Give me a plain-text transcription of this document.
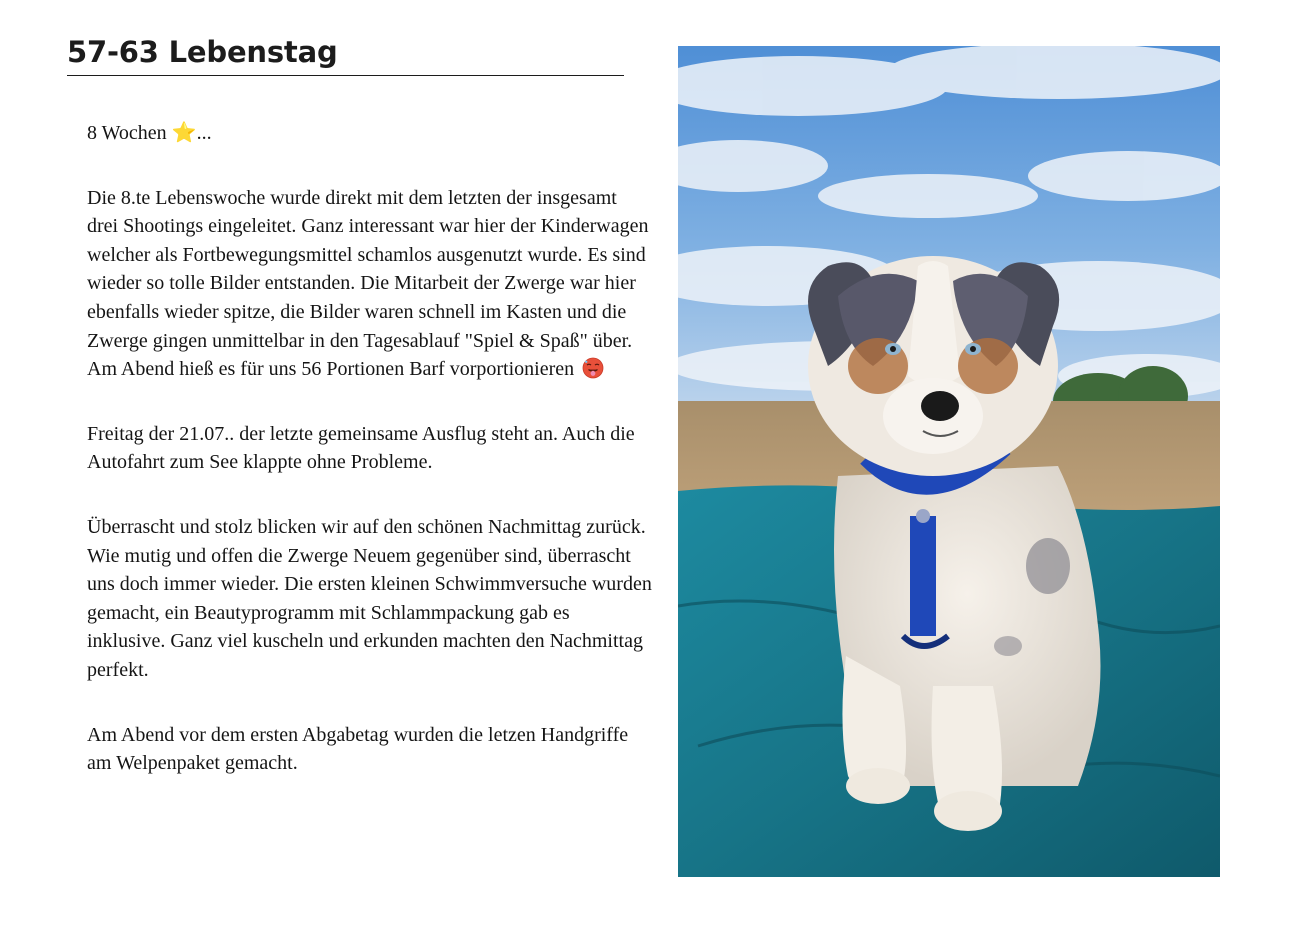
57-63 Lebenstag

8 Wochen ⭐...

Die 8.te Lebenswoche wurde direkt mit dem letzten der insgesamt drei Shootings eingeleitet. Ganz interessant war hier der Kinderwagen welcher als Fortbewegungsmittel schamlos ausgenutzt wurde. Es sind wieder so tolle Bilder entstanden. Die Mitarbeit der Zwerge war hier ebenfalls wieder spitze, die Bilder waren schnell im Kasten und die Zwerge gingen unmittelbar in den Tagesablauf "Spiel & Spaß" über. Am Abend hieß es für uns 56 Portionen Barf vorportionieren

Freitag der 21.07.. der letzte gemeinsame Ausflug steht an. Auch die Autofahrt zum See klappte ohne Probleme.

Überrascht und stolz blicken wir auf den schönen Nachmittag zurück. Wie mutig und offen die Zwerge Neuem gegenüber sind, überrascht uns doch immer wieder. Die ersten kleinen Schwimmversuche wurden gemacht, ein Beautyprogramm mit Schlammpackung gab es inklusive. Ganz viel kuscheln und erkunden machten den Nachmittag perfekt.

Am Abend vor dem ersten Abgabetag wurden die letzen Handgriffe am Welpenpaket gemacht.
